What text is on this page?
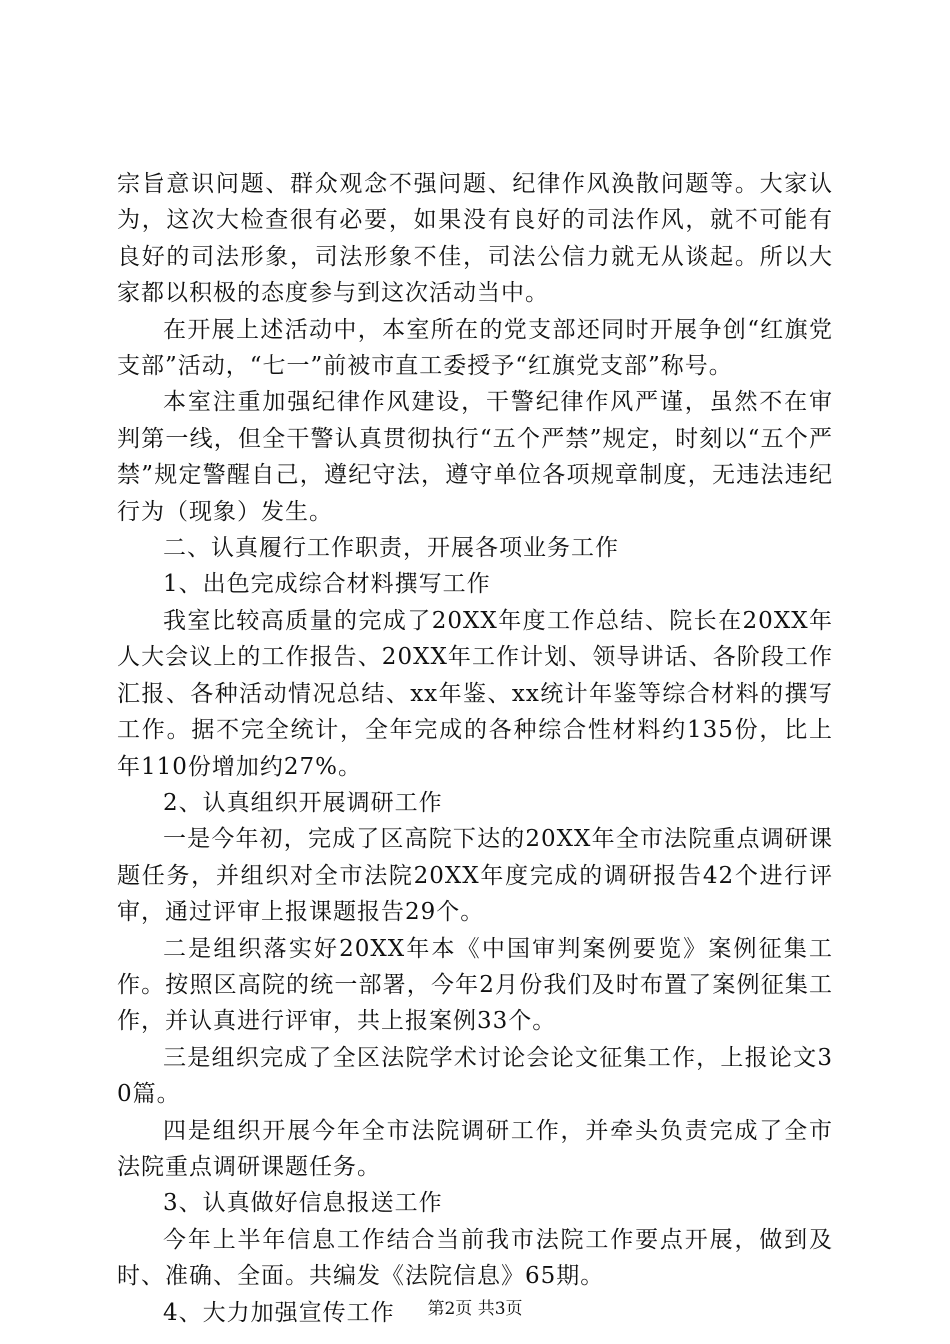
宗旨意识问题、群众观念不强问题、纪律作风涣散问题等。大家认为，这次大检查很有必要，如果没有良好的司法作风，就不可能有良好的司法形象，司法形象不佳，司法公信力就无从谈起。所以大家都以积极的态度参与到这次活动当中。

在开展上述活动中，本室所在的党支部还同时开展争创“红旗党支部”活动，“七一”前被市直工委授予“红旗党支部”称号。

本室注重加强纪律作风建设，干警纪律作风严谨，虽然不在审判第一线，但全干警认真贯彻执行“五个严禁”规定，时刻以“五个严禁”规定警醒自己，遵纪守法，遵守单位各项规章制度，无违法违纪行为（现象）发生。

二、认真履行工作职责，开展各项业务工作

1、出色完成综合材料撰写工作

我室比较高质量的完成了20XX年度工作总结、院长在20XX年人大会议上的工作报告、20XX年工作计划、领导讲话、各阶段工作汇报、各种活动情况总结、xx年鉴、xx统计年鉴等综合材料的撰写工作。据不完全统计，全年完成的各种综合性材料约135份，比上年110份增加约27%。

2、认真组织开展调研工作

一是今年初，完成了区高院下达的20XX年全市法院重点调研课题任务，并组织对全市法院20XX年度完成的调研报告42个进行评审，通过评审上报课题报告29个。

二是组织落实好20XX年本《中国审判案例要览》案例征集工作。按照区高院的统一部署，今年2月份我们及时布置了案例征集工作，并认真进行评审，共上报案例33个。

三是组织完成了全区法院学术讨论会论文征集工作，上报论文30篇。

四是组织开展今年全市法院调研工作，并牵头负责完成了全市法院重点调研课题任务。

3、认真做好信息报送工作

今年上半年信息工作结合当前我市法院工作要点开展，做到及时、准确、全面。共编发《法院信息》65期。

4、大力加强宣传工作	第2页 共3页
